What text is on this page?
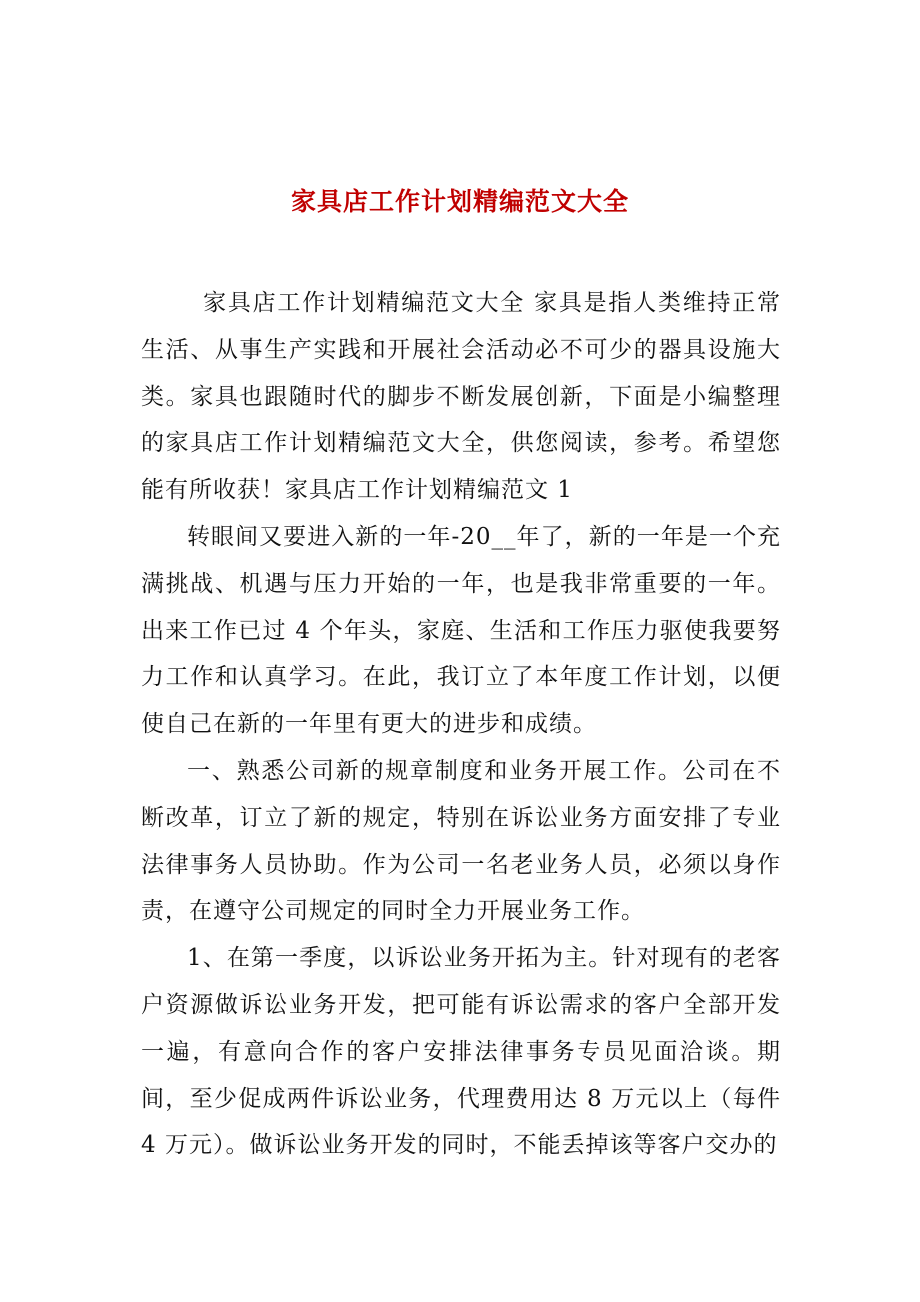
家具店工作计划精编范文大全

家具店工作计划精编范文大全 家具是指人类维持正常生活、从事生产实践和开展社会活动必不可少的器具设施大类。家具也跟随时代的脚步不断发展创新，下面是小编整理的家具店工作计划精编范文大全，供您阅读，参考。希望您能有所收获！家具店工作计划精编范文 1

转眼间又要进入新的一年-20__年了，新的一年是一个充满挑战、机遇与压力开始的一年，也是我非常重要的一年。出来工作已过 4 个年头，家庭、生活和工作压力驱使我要努力工作和认真学习。在此，我订立了本年度工作计划，以便使自己在新的一年里有更大的进步和成绩。

一、熟悉公司新的规章制度和业务开展工作。公司在不断改革，订立了新的规定，特别在诉讼业务方面安排了专业法律事务人员协助。作为公司一名老业务人员，必须以身作责，在遵守公司规定的同时全力开展业务工作。

1、在第一季度，以诉讼业务开拓为主。针对现有的老客户资源做诉讼业务开发，把可能有诉讼需求的客户全部开发一遍，有意向合作的客户安排法律事务专员见面洽谈。期间，至少促成两件诉讼业务，代理费用达 8 万元以上（每件 4 万元）。做诉讼业务开发的同时，不能丢掉该等客户交办的
